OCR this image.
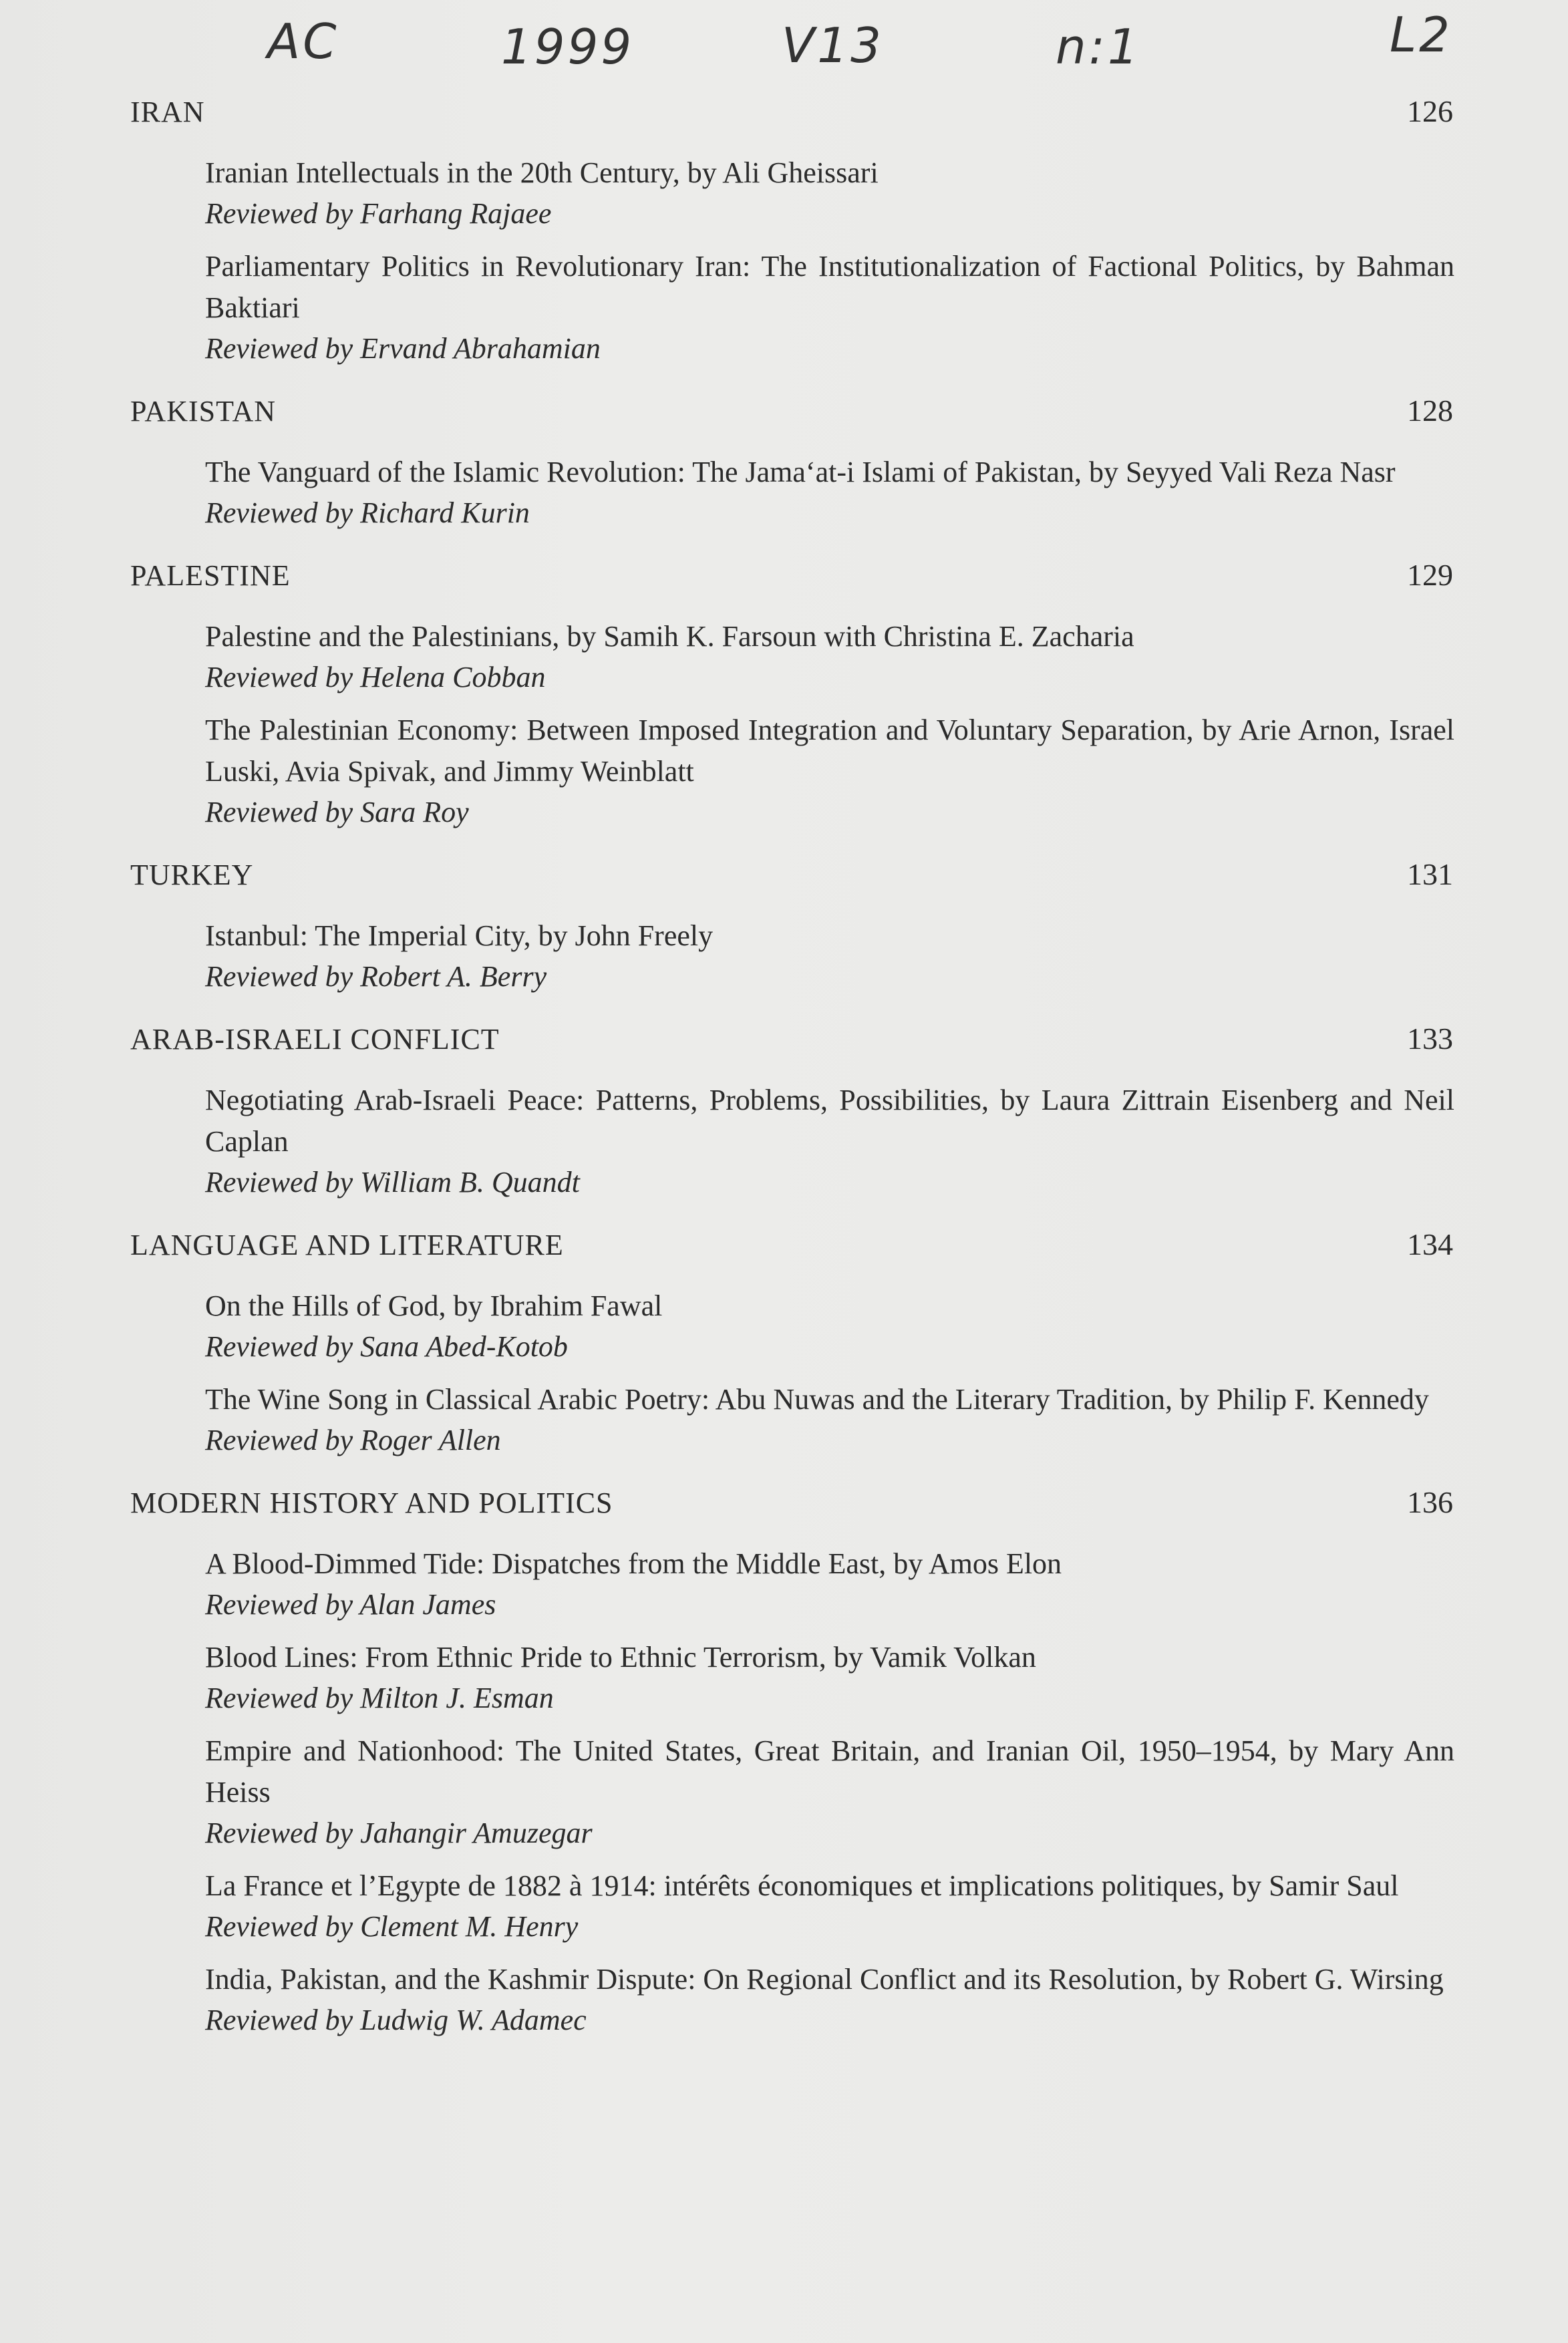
AC	1999	V13	n:1	L2
IRAN	126
Iranian Intellectuals in the 20th Century, by Ali Gheissari
Reviewed by Farhang Rajaee
Parliamentary Politics in Revolutionary Iran: The Institutionalization of Factional Politics, by Bahman Baktiari
Reviewed by Ervand Abrahamian
PAKISTAN	128
The Vanguard of the Islamic Revolution: The Jama‘at-i Islami of Pakistan, by Seyyed Vali Reza Nasr
Reviewed by Richard Kurin
PALESTINE	129
Palestine and the Palestinians, by Samih K. Farsoun with Christina E. Zacharia
Reviewed by Helena Cobban
The Palestinian Economy: Between Imposed Integration and Voluntary Separation, by Arie Arnon, Israel Luski, Avia Spivak, and Jimmy Weinblatt
Reviewed by Sara Roy
TURKEY	131
Istanbul: The Imperial City, by John Freely
Reviewed by Robert A. Berry
ARAB-ISRAELI CONFLICT	133
Negotiating Arab-Israeli Peace: Patterns, Problems, Possibilities, by Laura Zittrain Eisenberg and Neil Caplan
Reviewed by William B. Quandt
LANGUAGE AND LITERATURE	134
On the Hills of God, by Ibrahim Fawal
Reviewed by Sana Abed-Kotob
The Wine Song in Classical Arabic Poetry: Abu Nuwas and the Literary Tradition, by Philip F. Kennedy
Reviewed by Roger Allen
MODERN HISTORY AND POLITICS	136
A Blood-Dimmed Tide: Dispatches from the Middle East, by Amos Elon
Reviewed by Alan James
Blood Lines: From Ethnic Pride to Ethnic Terrorism, by Vamik Volkan
Reviewed by Milton J. Esman
Empire and Nationhood: The United States, Great Britain, and Iranian Oil, 1950–1954, by Mary Ann Heiss
Reviewed by Jahangir Amuzegar
La France et l’Egypte de 1882 à 1914: intérêts économiques et implications politiques, by Samir Saul
Reviewed by Clement M. Henry
India, Pakistan, and the Kashmir Dispute: On Regional Conflict and its Resolution, by Robert G. Wirsing
Reviewed by Ludwig W. Adamec
